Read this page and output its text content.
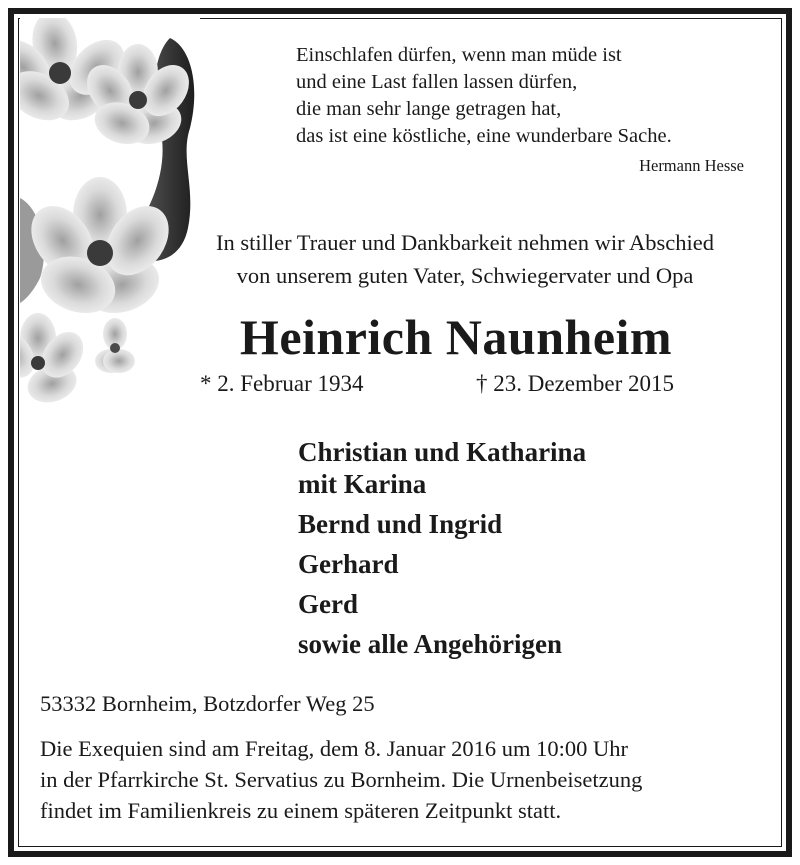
Einschlafen dürfen, wenn man müde ist
und eine Last fallen lassen dürfen,
die man sehr lange getragen hat,
das ist eine köstliche, eine wunderbare Sache.
Hermann Hesse
In stiller Trauer und Dankbarkeit nehmen wir Abschied
von unserem guten Vater, Schwiegervater und Opa
Heinrich Naunheim
* 2. Februar 1934	† 23. Dezember 2015
Christian und Katharina
mit Karina
Bernd und Ingrid
Gerhard
Gerd
sowie alle Angehörigen
53332 Bornheim, Botzdorfer Weg 25
Die Exequien sind am Freitag, dem 8. Januar 2016 um 10:00 Uhr
in der Pfarrkirche St. Servatius zu Bornheim. Die Urnenbeisetzung
findet im Familienkreis zu einem späteren Zeitpunkt statt.
